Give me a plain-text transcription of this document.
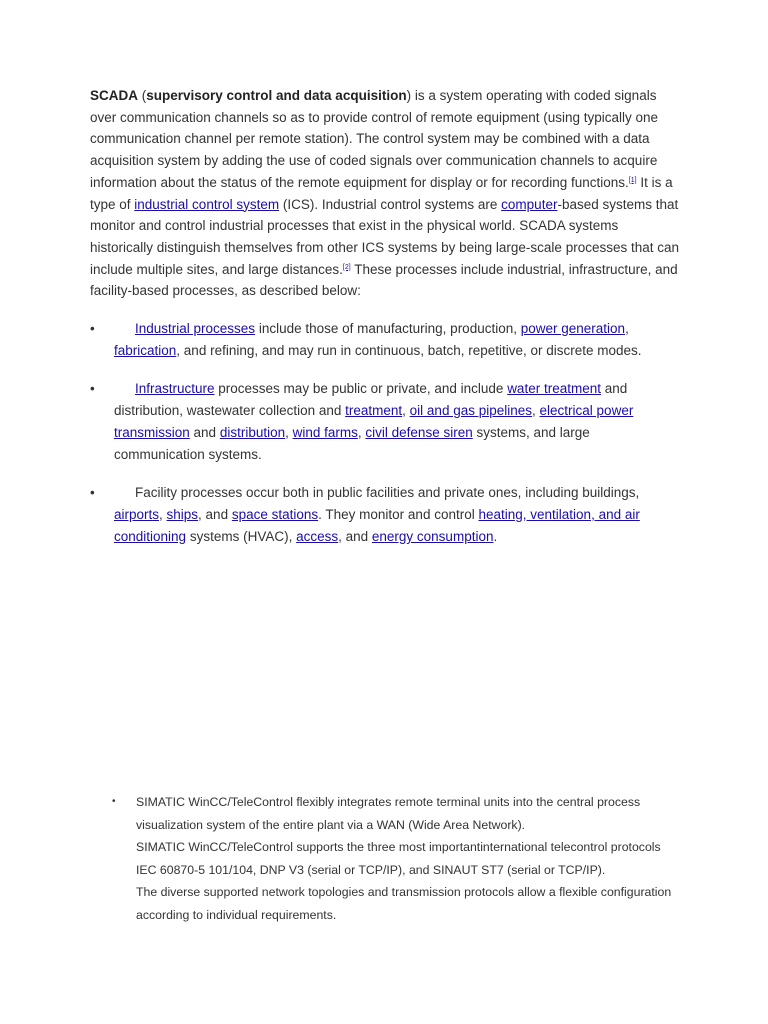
SCADA (supervisory control and data acquisition) is a system operating with coded signals over communication channels so as to provide control of remote equipment (using typically one communication channel per remote station). The control system may be combined with a data acquisition system by adding the use of coded signals over communication channels to acquire information about the status of the remote equipment for display or for recording functions.[1] It is a type of industrial control system (ICS). Industrial control systems are computer-based systems that monitor and control industrial processes that exist in the physical world. SCADA systems historically distinguish themselves from other ICS systems by being large-scale processes that can include multiple sites, and large distances.[2] These processes include industrial, infrastructure, and facility-based processes, as described below:

•	Industrial processes include those of manufacturing, production, power generation, fabrication, and refining, and may run in continuous, batch, repetitive, or discrete modes.
•	Infrastructure processes may be public or private, and include water treatment and distribution, wastewater collection and treatment, oil and gas pipelines, electrical power transmission and distribution, wind farms, civil defense siren systems, and large communication systems.
•	Facility processes occur both in public facilities and private ones, including buildings, airports, ships, and space stations. They monitor and control heating, ventilation, and air conditioning systems (HVAC), access, and energy consumption.
• SIMATIC WinCC/TeleControl flexibly integrates remote terminal units into the central process visualization system of the entire plant via a WAN (Wide Area Network).
SIMATIC WinCC/TeleControl supports the three most importantinternational telecontrol protocols IEC 60870-5 101/104, DNP V3 (serial or TCP/IP), and SINAUT ST7 (serial or TCP/IP).
The diverse supported network topologies and transmission protocols allow a flexible configuration according to individual requirements.
